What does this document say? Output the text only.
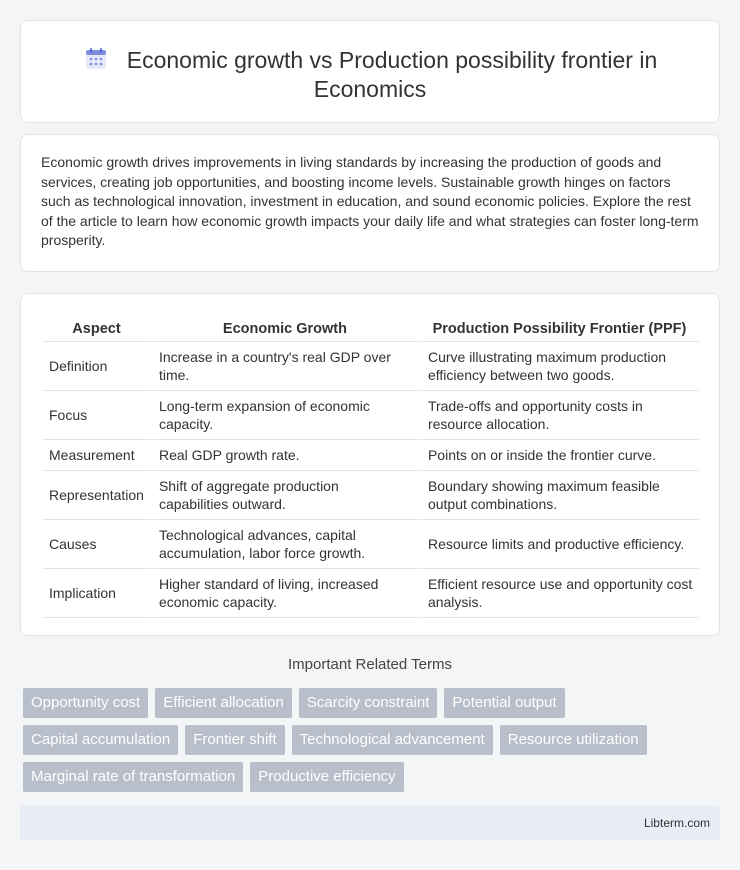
Economic growth vs Production possibility frontier in
Economics

Economic growth drives improvements in living standards by increasing the production of goods and services, creating job opportunities, and boosting income levels. Sustainable growth hinges on factors such as technological innovation, investment in education, and sound economic policies. Explore the rest of the article to learn how economic growth impacts your daily life and what strategies can foster long-term prosperity.

Aspect	Economic Growth	Production Possibility Frontier (PPF)
Definition	Increase in a country's real GDP over time.	Curve illustrating maximum production efficiency between two goods.
Focus	Long-term expansion of economic capacity.	Trade-offs and opportunity costs in resource allocation.
Measurement	Real GDP growth rate.	Points on or inside the frontier curve.
Representation	Shift of aggregate production capabilities outward.	Boundary showing maximum feasible output combinations.
Causes	Technological advances, capital accumulation, labor force growth.	Resource limits and productive efficiency.
Implication	Higher standard of living, increased economic capacity.	Efficient resource use and opportunity cost analysis.
Important Related Terms
Opportunity cost	Efficient allocation	Scarcity constraint	Potential output
Capital accumulation	Frontier shift	Technological advancement	Resource utilization
Marginal rate of transformation	Productive efficiency
Libterm.com
